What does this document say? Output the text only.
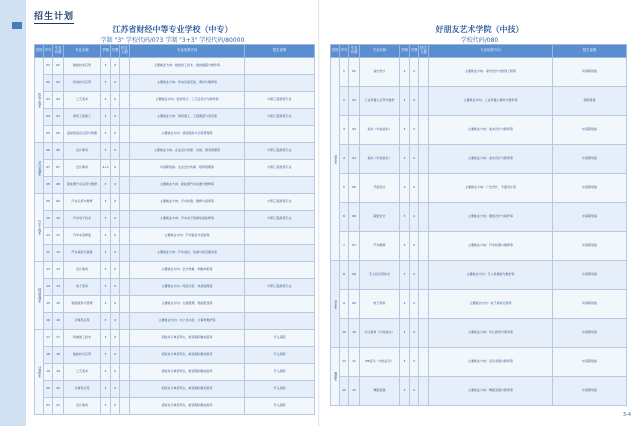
招生计划
江苏省财经中等专业学校（中专）
学制 "3" 学校代码/073 学制 "3+3" 学校代码/80000
类别	序号	专业代码	专业名称	学制	学费	招生人数	专业培养方向	招生说明
机电工程系	01	01	数控技术应用	3	4		主要就业方向：数控加工技术、数控编程与操作等	
	02	02	机电技术应用	3	4		主要就业方向：机电设备安装、调试与维修等	
	03	03	工艺美术	3	4		主要就业方向：装饰设计、工艺品设计与制作等	中职工程类等专业
	04	04	建筑工程施工	3	4		主要就业方向：建筑施工、工程测量与造价等	中职工程类等专业
	05	05	高星级饭店运营与管理	3	4		主要就业方向：酒店服务与运营管理等	
会计金融系	06	06	会计事务	3	4		主要就业方向：企业会计核算、出纳、财务管理等	中职工程类等专业
	07	07	会计事务	3+3	4		中高职衔接：企业会计核算、财务管理等	中职工程类等专业
	08	08	新能源汽车运用与维修	3	4		主要就业方向：新能源汽车检测与维修等	
汽车工程系	09	09	汽车运用与维修	3	4		主要就业方向：汽车检测、维修与保养等	中职工程类等专业
	10	10	汽车电子技术	3	4		主要就业方向：汽车电子控制系统检修等	中职工程类等专业
	11	11	汽车车身修复	3	4		主要就业方向：汽车钣金与涂装等	
	12	12	汽车美容与装潢	3	4		主要就业方向：汽车美容、装潢与售后服务等	
经济管理系	13	13	会计事务	3	4		主要就业方向：会计核算、纳税申报等	
	14	14	电子商务	3	4		主要就业方向：网店运营、电商客服等	中职工程类等专业
	15	15	物流服务与管理	3	4		主要就业方向：仓储管理、物流配送等	
	16	16	计算机应用	3	4		主要就业方向：办公自动化、计算机维护等	
计算机系	17	17	机械加工技术	3	4		招收对口单招考生，就读期间参加高考	升入高职
	18	18	数控技术应用	3	4		招收对口单招考生，就读期间参加高考	升入高职
	19	19	工艺美术	3	4		招收对口单招考生，就读期间参加高考	升入高职
	20	20	计算机应用	3	4		招收对口单招考生，就读期间参加高考	升入高职
	21	21	会计事务	3	4		招收对口单招考生，就读期间参加高考	升入高职
好朋友艺术学院（中技）
学校代码/080
类别	序号	专业代码	专业名称	学制	学费	招生人数	专业培养方向	招生说明
美术系	1	01	室内设计	3	4		主要就业方向：室内设计与装饰工程等	中高职衔接
	2	02	工业机器人应用与维护	3	4		主要就业方向：工业机器人操作与维护等	高职贯通
	3	03	美术（中技美术）	3	4		主要就业方向：美术设计与教育等	中高职衔接
	4	04	美术（中技美术）	3	4		主要就业方向：美术设计与教育等	中高职衔接
	5	05	平面设计	3	4		主要就业方向：广告设计、平面设计等	中高职衔接
	6	06	服装设计	3	4		主要就业方向：服装设计与制作等	中高职衔接
	7	07	汽车维修	3	4		主要就业方向：汽车检测与维修等	中高职衔接
音乐系	8	08	无人机应用技术	3	4		主要就业方向：无人机操控与维护等	中高职衔接
	9	09	电子商务	3	4		主要就业方向：电子商务运营等	中高职衔接
	10	10	幼儿教育（中技美术）	3	4		主要就业方向：幼儿教育与保育等	中高职衔接
舞蹈系	11	11	MP音乐（中技音乐）	3	4		主要就业方向：音乐表演与教育等	中高职衔接
	12	12	舞蹈表演	3	4		主要就业方向：舞蹈表演与教育等	中高职衔接
3-4
